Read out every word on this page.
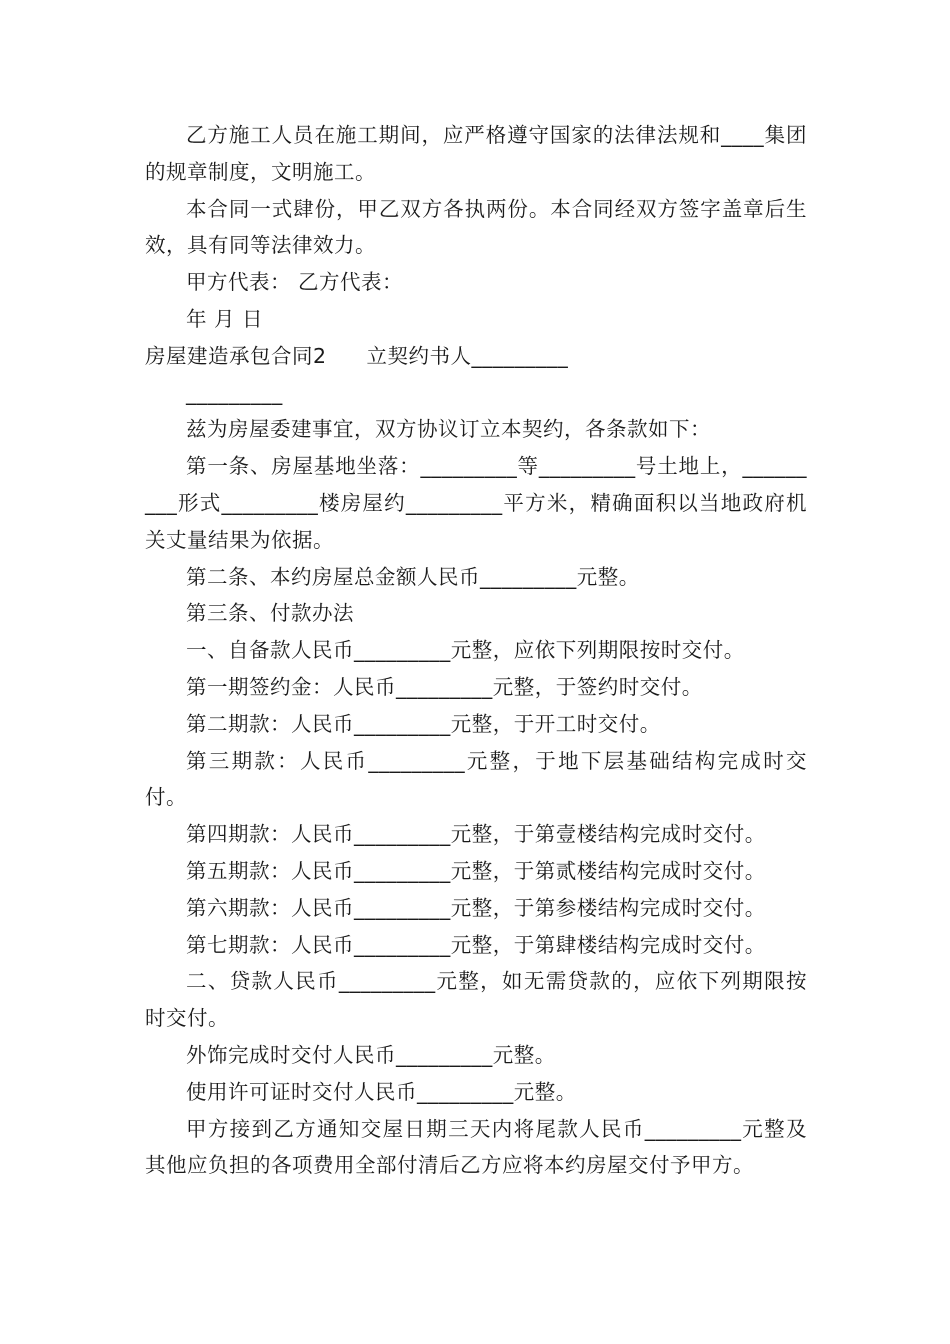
乙方施工人员在施工期间，应严格遵守国家的法律法规和____集团的规章制度，文明施工。

本合同一式肆份，甲乙双方各执两份。本合同经双方签字盖章后生效，具有同等法律效力。

甲方代表： 乙方代表：

年 月 日

房屋建造承包合同2 立契约书人_________

_________

兹为房屋委建事宜，双方协议订立本契约，各条款如下：

第一条、房屋基地坐落：_________等_________号土地上，_________形式_________楼房屋约_________平方米，精确面积以当地政府机关丈量结果为依据。

第二条、本约房屋总金额人民币_________元整。

第三条、付款办法

一、自备款人民币_________元整，应依下列期限按时交付。

第一期签约金：人民币_________元整，于签约时交付。

第二期款：人民币_________元整，于开工时交付。

第三期款：人民币_________元整，于地下层基础结构完成时交付。

第四期款：人民币_________元整，于第壹楼结构完成时交付。

第五期款：人民币_________元整，于第贰楼结构完成时交付。

第六期款：人民币_________元整，于第参楼结构完成时交付。

第七期款：人民币_________元整，于第肆楼结构完成时交付。

二、贷款人民币_________元整，如无需贷款的，应依下列期限按时交付。

外饰完成时交付人民币_________元整。

使用许可证时交付人民币_________元整。

甲方接到乙方通知交屋日期三天内将尾款人民币_________元整及其他应负担的各项费用全部付清后乙方应将本约房屋交付予甲方。
